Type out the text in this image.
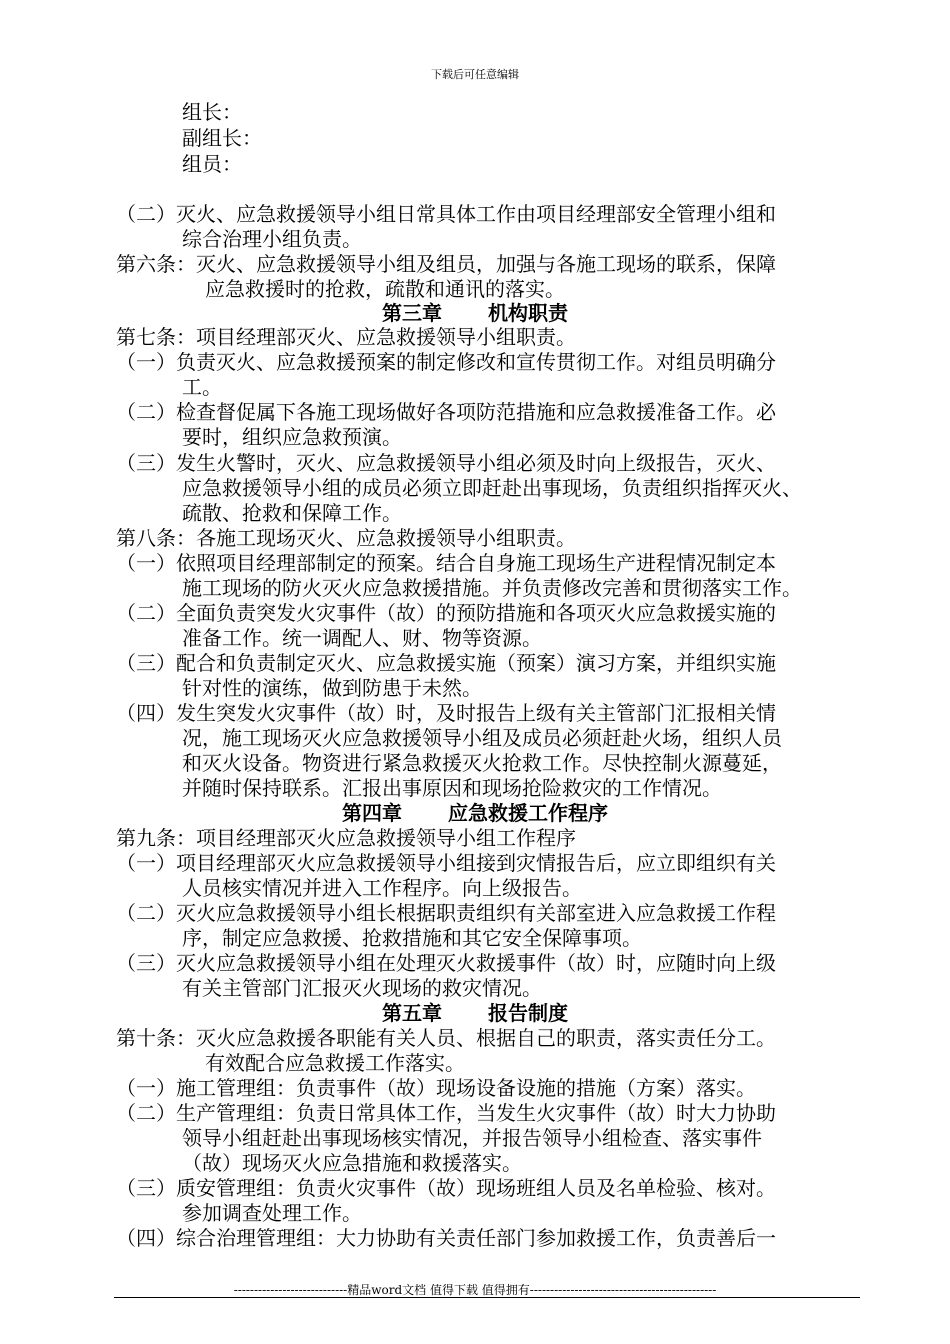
下载后可任意编辑
组长：
副组长：
组员：
（二）灭火、应急救援领导小组日常具体工作由项目经理部安全管理小组和
综合治理小组负责。
第六条：灭火、应急救援领导小组及组员，加强与各施工现场的联系，保障
应急救援时的抢救，疏散和通讯的落实。
第七条：项目经理部灭火、应急救援领导小组职责。
（一）负责灭火、应急救援预案的制定修改和宣传贯彻工作。对组员明确分
工。
（二）检查督促属下各施工现场做好各项防范措施和应急救援准备工作。必
要时，组织应急救预演。
（三）发生火警时，灭火、应急救援领导小组必须及时向上级报告，灭火、
应急救援领导小组的成员必须立即赶赴出事现场，负责组织指挥灭火、
疏散、抢救和保障工作。
第八条：各施工现场灭火、应急救援领导小组职责。
（一）依照项目经理部制定的预案。结合自身施工现场生产进程情况制定本
施工现场的防火灭火应急救援措施。并负责修改完善和贯彻落实工作。
（二）全面负责突发火灾事件（故）的预防措施和各项灭火应急救援实施的
准备工作。统一调配人、财、物等资源。
（三）配合和负责制定灭火、应急救援实施（预案）演习方案，并组织实施
针对性的演练，做到防患于未然。
（四）发生突发火灾事件（故）时，及时报告上级有关主管部门汇报相关情
况，施工现场灭火应急救援领导小组及成员必须赶赴火场，组织人员
和灭火设备。物资进行紧急救援灭火抢救工作。尽快控制火源蔓延，
并随时保持联系。汇报出事原因和现场抢险救灾的工作情况。
第九条：项目经理部灭火应急救援领导小组工作程序
（一）项目经理部灭火应急救援领导小组接到灾情报告后，应立即组织有关
人员核实情况并进入工作程序。向上级报告。
（二）灭火应急救援领导小组长根据职责组织有关部室进入应急救援工作程
序，制定应急救援、抢救措施和其它安全保障事项。
（三）灭火应急救援领导小组在处理灭火救援事件（故）时，应随时向上级
有关主管部门汇报灭火现场的救灾情况。
第十条：灭火应急救援各职能有关人员、根据自己的职责，落实责任分工。
有效配合应急救援工作落实。
（一）施工管理组：负责事件（故）现场设备设施的措施（方案）落实。
（二）生产管理组：负责日常具体工作，当发生火灾事件（故）时大力协助
领导小组赶赴出事现场核实情况，并报告领导小组检查、落实事件
（故）现场灭火应急措施和救援落实。
（三）质安管理组：负责火灾事件（故）现场班组人员及名单检验、核对。
参加调查处理工作。
（四）综合治理管理组：大力协助有关责任部门参加救援工作，负责善后一
第三章 机构职责
第四章 应急救援工作程序
第五章 报告制度
----------------------------精品word文档 值得下载 值得拥有----------------------------------------------
